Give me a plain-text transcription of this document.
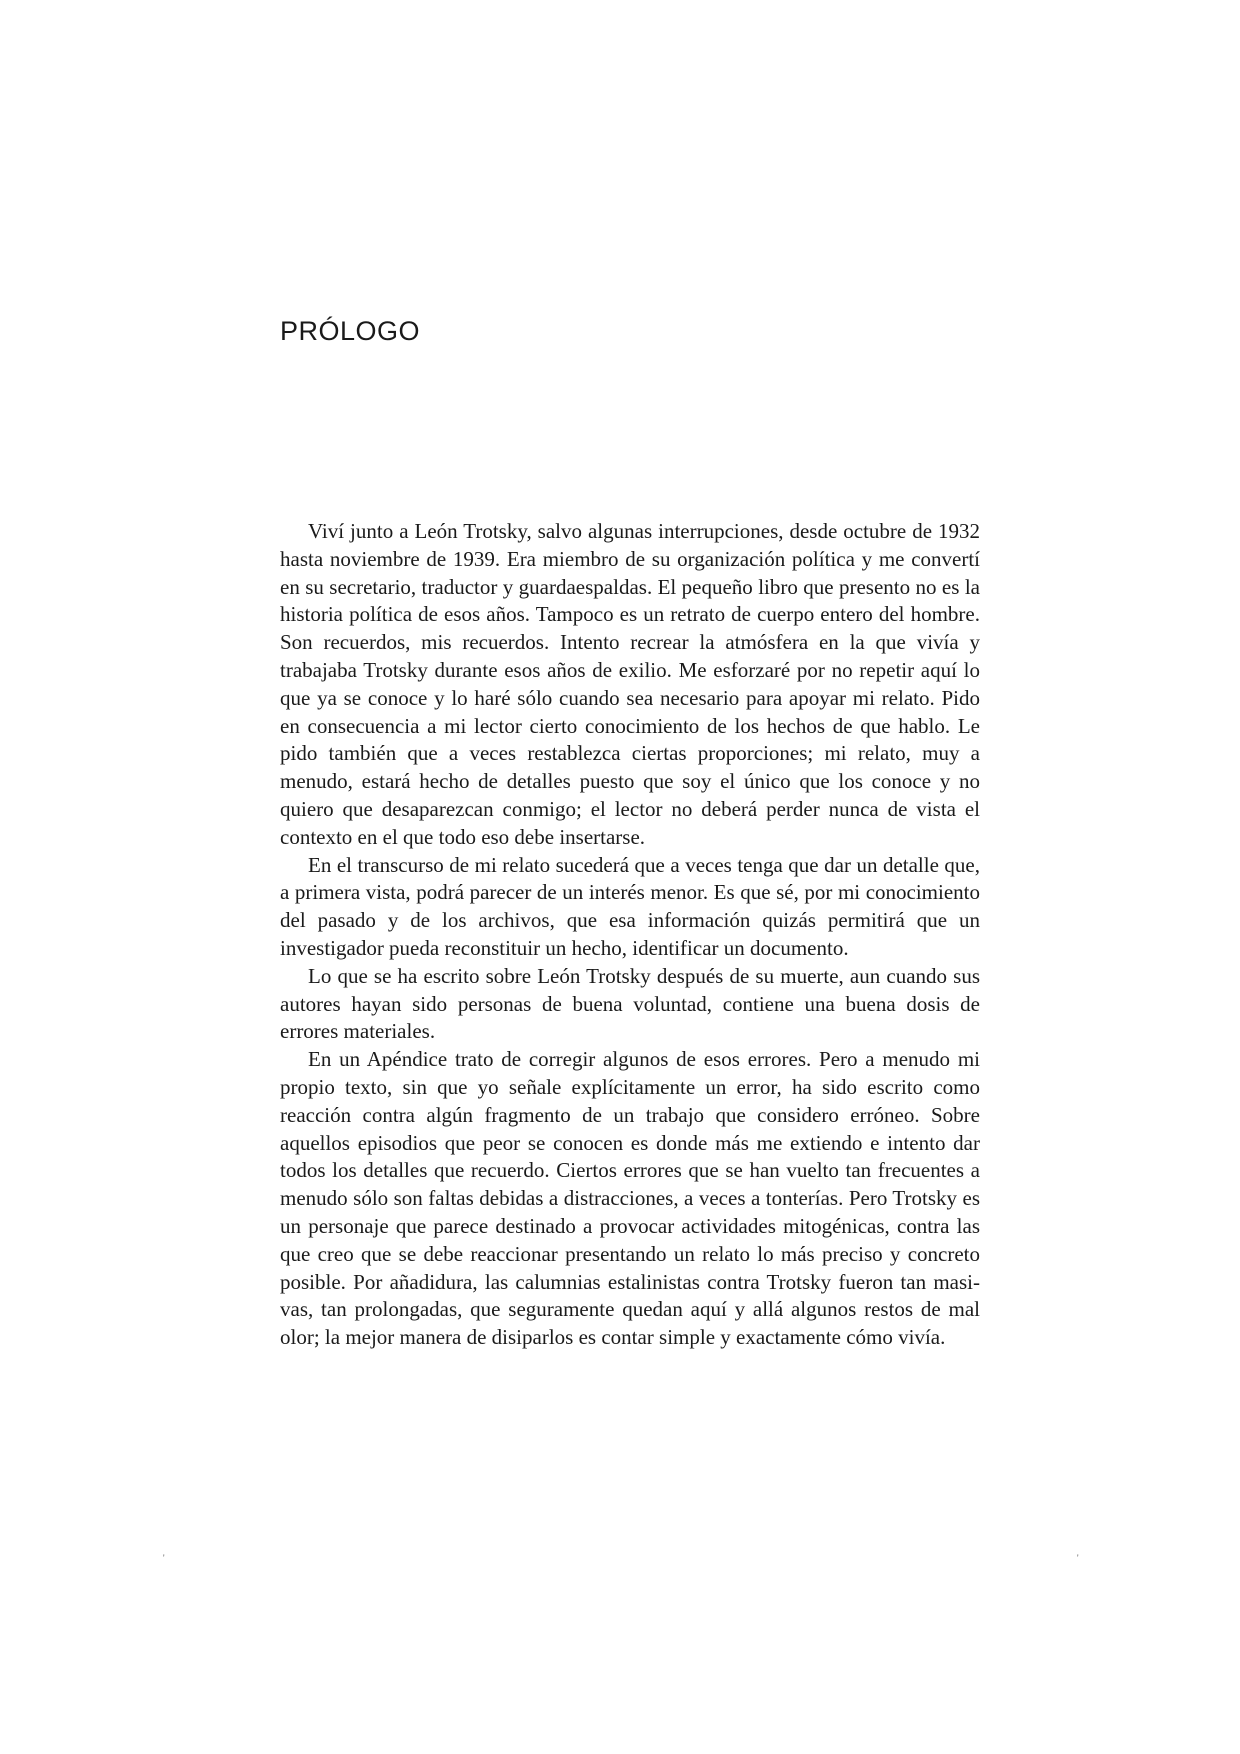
PRÓLOGO

Viví junto a León Trotsky, salvo algunas interrupciones, desde octubre de 1932 hasta noviembre de 1939. Era miembro de su organización política y me convertí en su secretario, traductor y guardaespaldas. El pequeño libro que presento no es la historia política de esos años. Tampoco es un retrato de cuerpo entero del hombre. Son recuerdos, mis recuerdos. Intento recrear la atmósfera en la que vivía y trabajaba Trotsky durante esos años de exilio. Me esforzaré por no repetir aquí lo que ya se conoce y lo haré sólo cuando sea necesario para apoyar mi relato. Pido en consecuencia a mi lector cierto conocimiento de los hechos de que hablo. Le pido también que a veces restablezca ciertas proporciones; mi relato, muy a menudo, estará hecho de detalles puesto que soy el único que los conoce y no quiero que desaparezcan conmigo; el lector no deberá perder nunca de vista el contexto en el que todo eso debe insertarse.

En el transcurso de mi relato sucederá que a veces tenga que dar un detalle que, a primera vista, podrá parecer de un interés menor. Es que sé, por mi conocimiento del pasado y de los archivos, que esa información quizás permitirá que un investigador pueda reconstituir un hecho, identificar un documento.

Lo que se ha escrito sobre León Trotsky después de su muerte, aun cuando sus autores hayan sido personas de buena voluntad, contiene una buena dosis de errores materiales.

En un Apéndice trato de corregir algunos de esos errores. Pero a menudo mi propio texto, sin que yo señale explícitamente un error, ha sido escrito como reacción contra algún fragmento de un trabajo que considero erróneo. Sobre aquellos episodios que peor se conocen es donde más me extiendo e intento dar todos los detalles que recuerdo. Ciertos errores que se han vuelto tan frecuentes a menudo sólo son faltas debidas a distracciones, a veces a tonterías. Pero Trotsky es un personaje que parece destinado a provocar actividades mitogénicas, contra las que creo que se debe reaccionar presentando un relato lo más preciso y concreto posible. Por añadidura, las calumnias estalinistas contra Trotsky fueron tan masivas, tan prolongadas, que seguramente quedan aquí y allá algunos restos de mal olor; la mejor manera de disiparlos es contar simple y exactamente cómo vivía.

'	'
